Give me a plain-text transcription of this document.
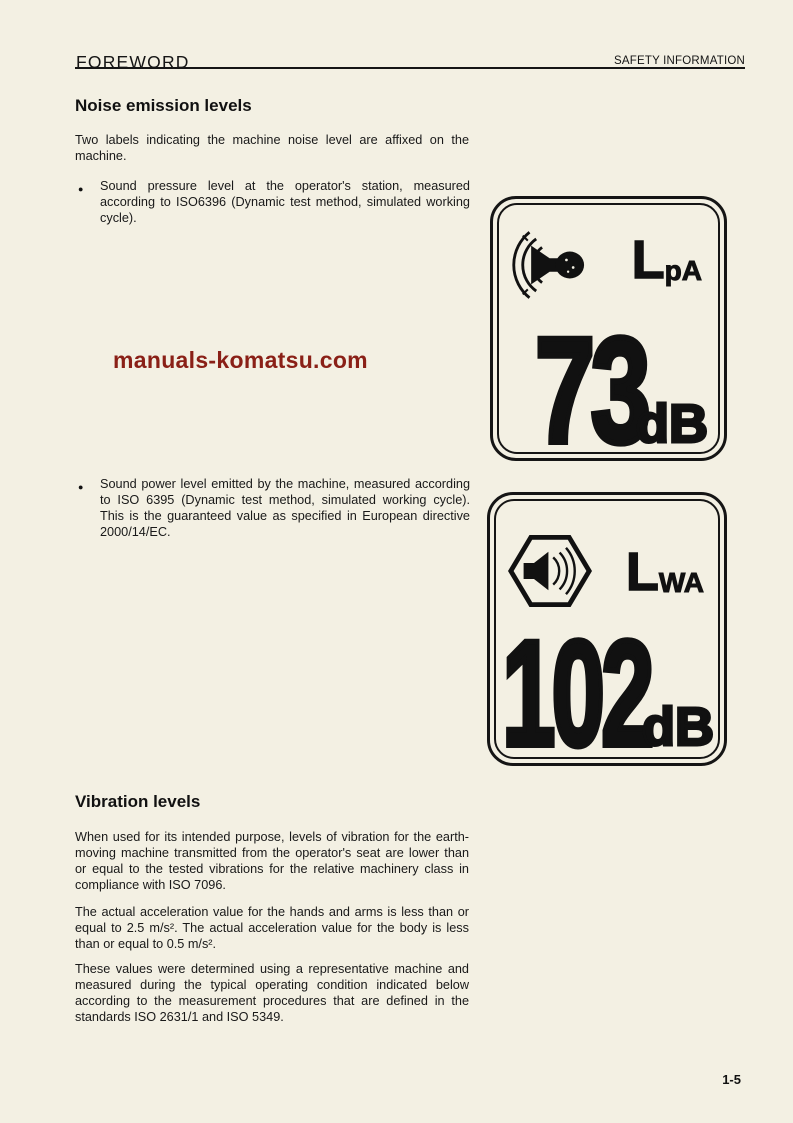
FOREWORD	SAFETY INFORMATION
Noise emission levels

Two labels indicating the machine noise level are affixed on the machine.

●	Sound pressure level at the operator's station, measured according to ISO6396 (Dynamic test method, simulated working cycle).
manuals-komatsu.com
LpA
73
dB
●	Sound power level emitted by the machine, measured according to ISO 6395 (Dynamic test method, simulated working cycle). This is the guaranteed value as specified in European directive 2000/14/EC.
LWA
102
dB
Vibration levels

When used for its intended purpose, levels of vibration for the earth-moving machine transmitted from the operator's seat are lower than or equal to the tested vibrations for the relative machinery class in compliance with ISO 7096.

The actual acceleration value for the hands and arms is less than or equal to 2.5 m/s². The actual acceleration value for the body is less than or equal to 0.5 m/s².

These values were determined using a representative machine and measured during the typical operating condition indicated below according to the measurement procedures that are defined in the standards ISO 2631/1 and ISO 5349.

1-5
